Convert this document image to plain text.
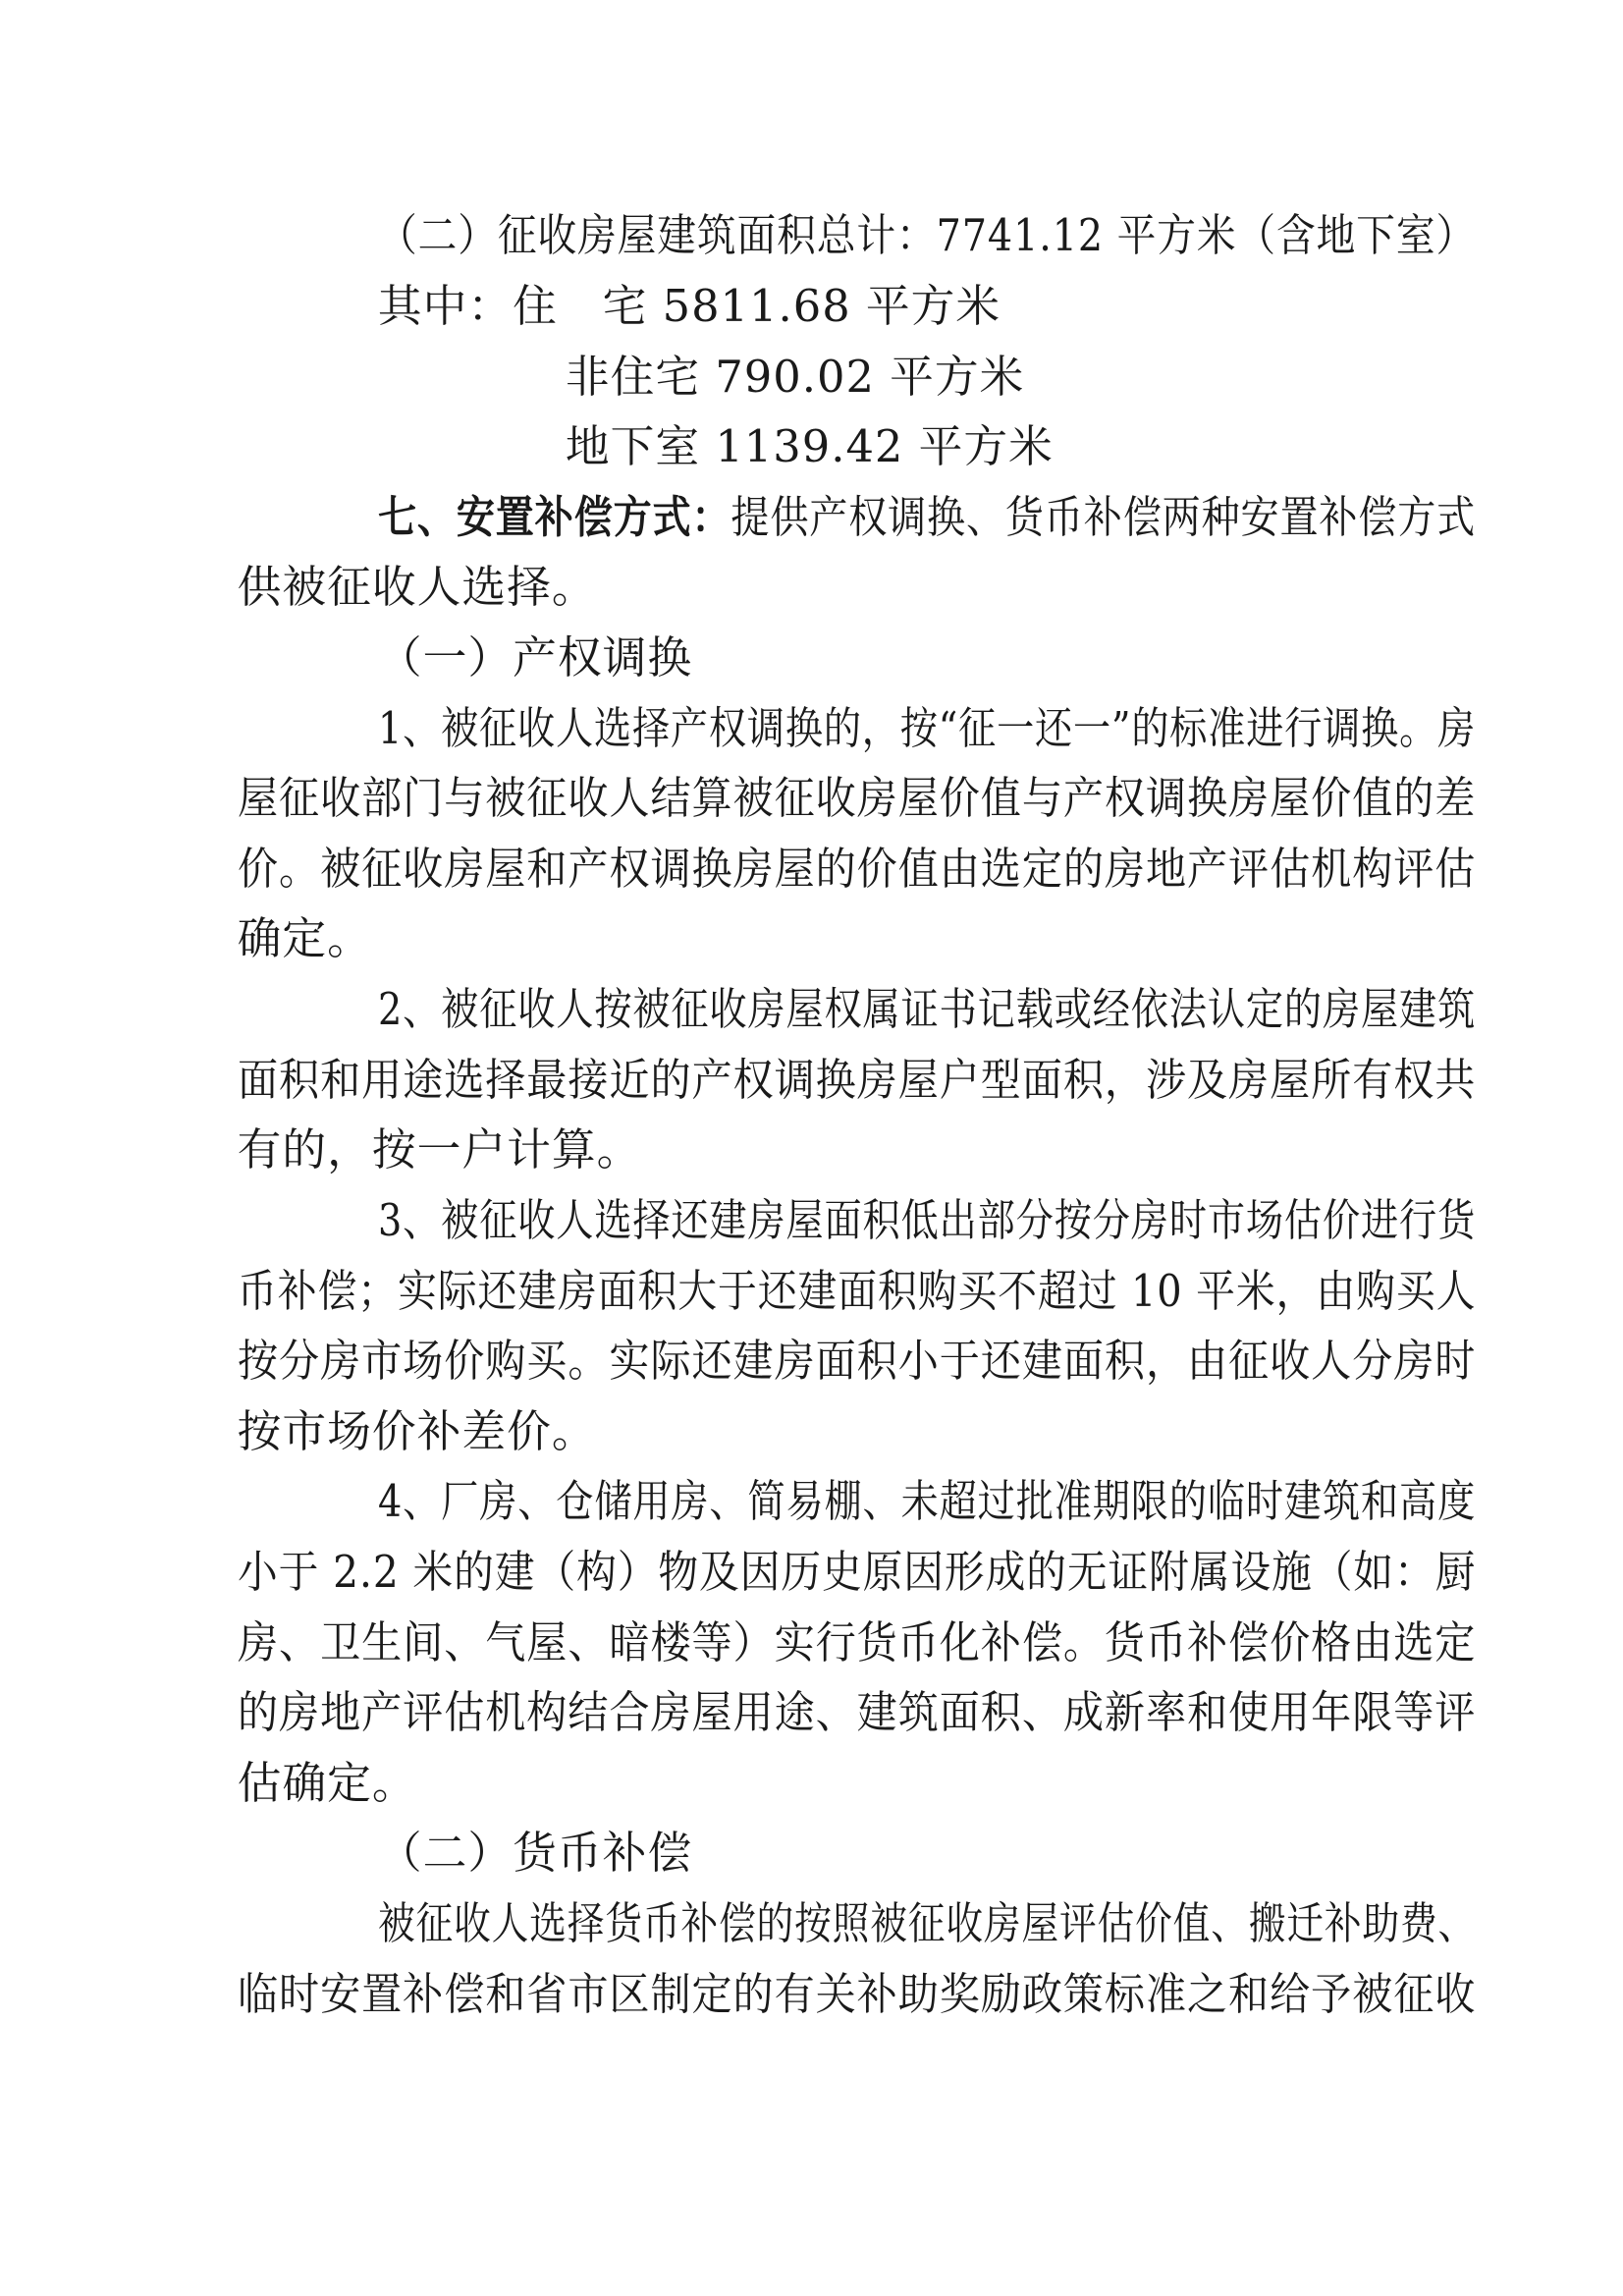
（二）征收房屋建筑面积总计：7741.12 平方米（含地下室）
其中：住　宅 5811.68 平方米
非住宅 790.02 平方米
地下室 1139.42 平方米
七、安置补偿方式：提供产权调换、货币补偿两种安置补偿方式
供被征收人选择。
（一）产权调换
1、被征收人选择产权调换的，按“征一还一”的标准进行调换。房
屋征收部门与被征收人结算被征收房屋价值与产权调换房屋价值的差
价。被征收房屋和产权调换房屋的价值由选定的房地产评估机构评估
确定。
2、被征收人按被征收房屋权属证书记载或经依法认定的房屋建筑
面积和用途选择最接近的产权调换房屋户型面积，涉及房屋所有权共
有的，按一户计算。
3、被征收人选择还建房屋面积低出部分按分房时市场估价进行货
币补偿；实际还建房面积大于还建面积购买不超过 10 平米，由购买人
按分房市场价购买。实际还建房面积小于还建面积，由征收人分房时
按市场价补差价。
4、厂房、仓储用房、简易棚、未超过批准期限的临时建筑和高度
小于 2.2 米的建（构）物及因历史原因形成的无证附属设施（如：厨
房、卫生间、气屋、暗楼等）实行货币化补偿。货币补偿价格由选定
的房地产评估机构结合房屋用途、建筑面积、成新率和使用年限等评
估确定。
（二）货币补偿
被征收人选择货币补偿的按照被征收房屋评估价值、搬迁补助费、
临时安置补偿和省市区制定的有关补助奖励政策标准之和给予被征收
